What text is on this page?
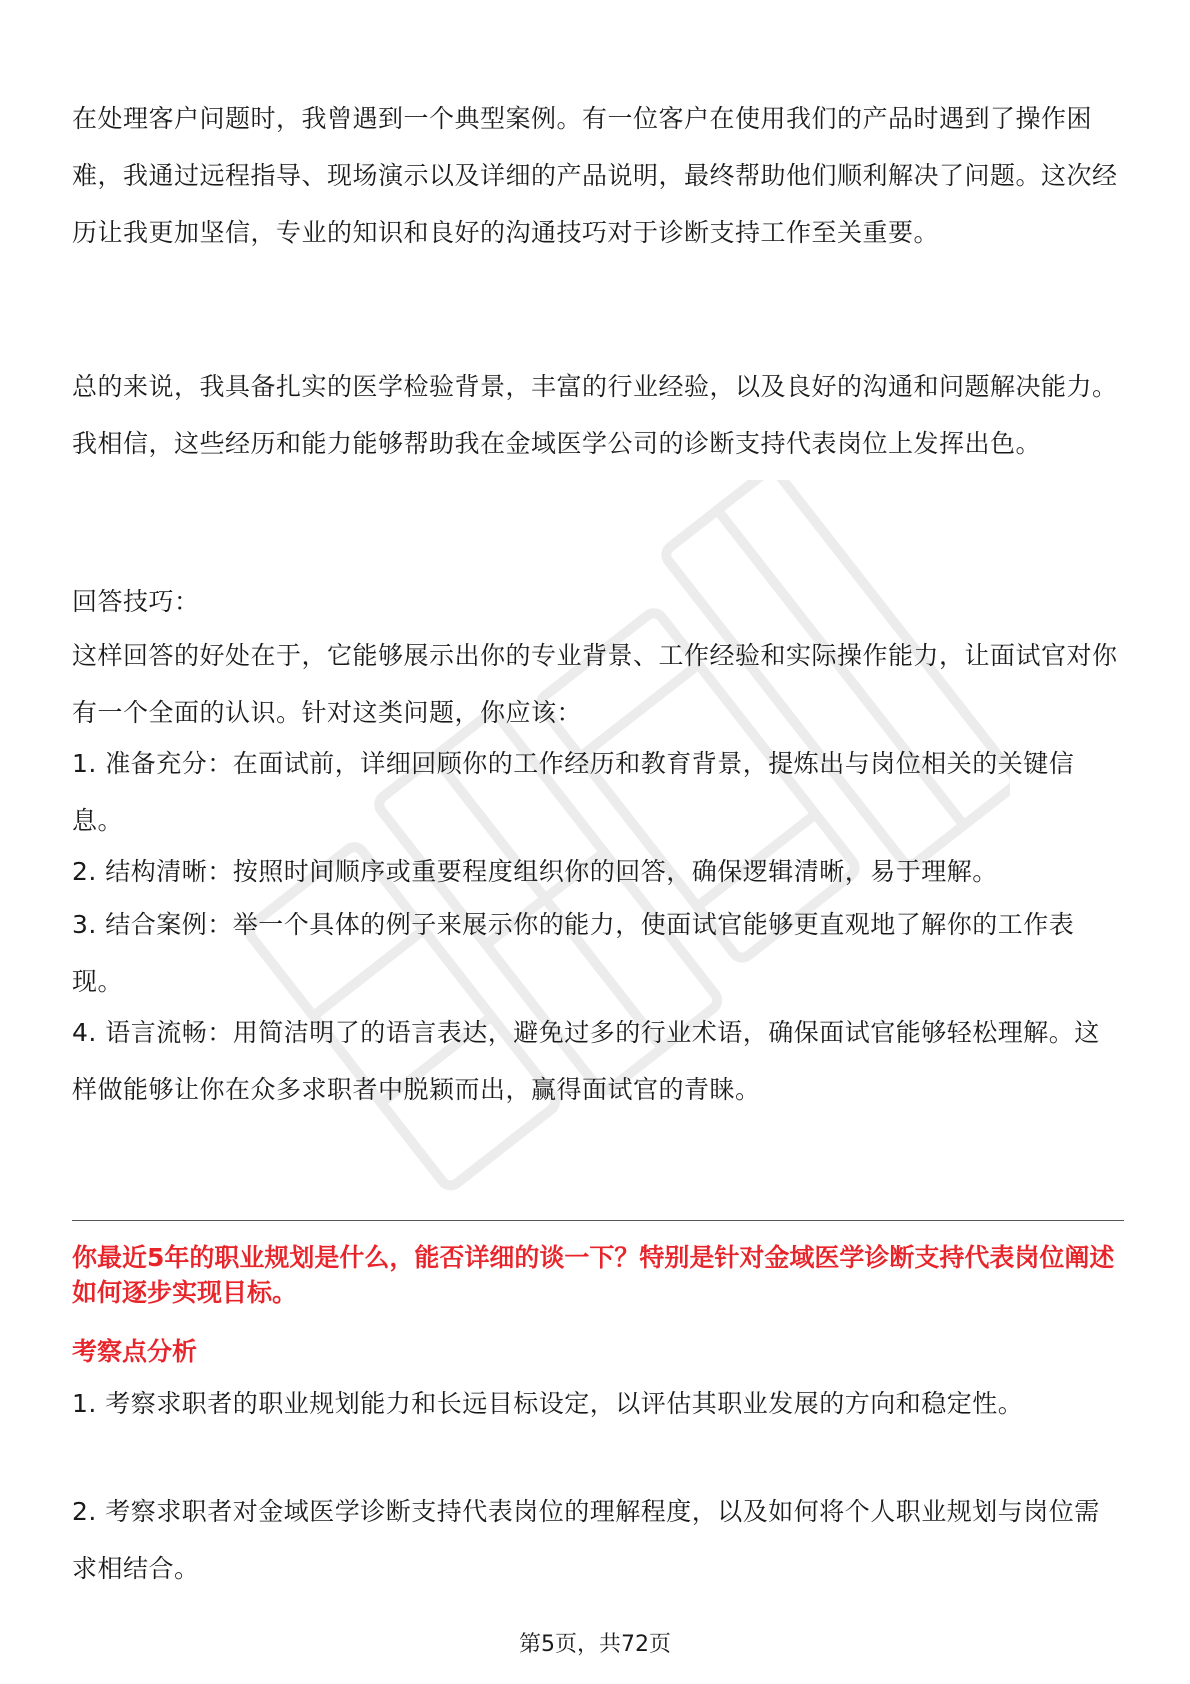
在处理客户问题时，我曾遇到一个典型案例。有一位客户在使用我们的产品时遇到了操作困难，我通过远程指导、现场演示以及详细的产品说明，最终帮助他们顺利解决了问题。这次经历让我更加坚信，专业的知识和良好的沟通技巧对于诊断支持工作至关重要。

总的来说，我具备扎实的医学检验背景，丰富的行业经验，以及良好的沟通和问题解决能力。我相信，这些经历和能力能够帮助我在金域医学公司的诊断支持代表岗位上发挥出色。

回答技巧：

这样回答的好处在于，它能够展示出你的专业背景、工作经验和实际操作能力，让面试官对你有一个全面的认识。针对这类问题，你应该：

1. 准备充分：在面试前，详细回顾你的工作经历和教育背景，提炼出与岗位相关的关键信息。

2. 结构清晰：按照时间顺序或重要程度组织你的回答，确保逻辑清晰，易于理解。

3. 结合案例：举一个具体的例子来展示你的能力，使面试官能够更直观地了解你的工作表现。

4. 语言流畅：用简洁明了的语言表达，避免过多的行业术语，确保面试官能够轻松理解。这样做能够让你在众多求职者中脱颖而出，赢得面试官的青睐。

你最近5年的职业规划是什么，能否详细的谈一下？特别是针对金域医学诊断支持代表岗位阐述如何逐步实现目标。

考察点分析

1. 考察求职者的职业规划能力和长远目标设定，以评估其职业发展的方向和稳定性。

2. 考察求职者对金域医学诊断支持代表岗位的理解程度，以及如何将个人职业规划与岗位需求相结合。

第5页，共72页
